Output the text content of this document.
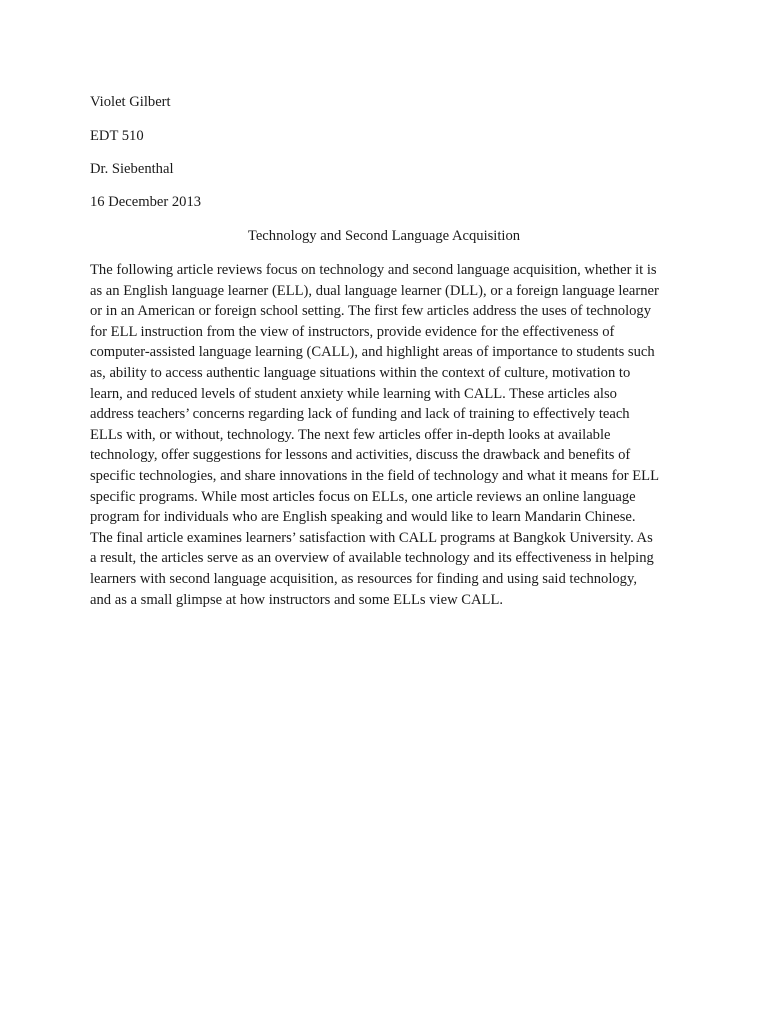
Violet Gilbert
EDT 510
Dr. Siebenthal
16 December 2013
Technology and Second Language Acquisition
The following article reviews focus on technology and second language acquisition, whether it is
as an English language learner (ELL), dual language learner (DLL), or a foreign language learner
or in an American or foreign school setting. The first few articles address the uses of technology
for ELL instruction from the view of instructors, provide evidence for the effectiveness of
computer-assisted language learning (CALL), and highlight areas of importance to students such
as, ability to access authentic language situations within the context of culture, motivation to
learn, and reduced levels of student anxiety while learning with CALL. These articles also
address teachers’ concerns regarding lack of funding and lack of training to effectively teach
ELLs with, or without, technology. The next few articles offer in-depth looks at available
technology, offer suggestions for lessons and activities, discuss the drawback and benefits of
specific technologies, and share innovations in the field of technology and what it means for ELL
specific programs. While most articles focus on ELLs, one article reviews an online language
program for individuals who are English speaking and would like to learn Mandarin Chinese.
The final article examines learners’ satisfaction with CALL programs at Bangkok University. As
a result, the articles serve as an overview of available technology and its effectiveness in helping
learners with second language acquisition, as resources for finding and using said technology,
and as a small glimpse at how instructors and some ELLs view CALL.
